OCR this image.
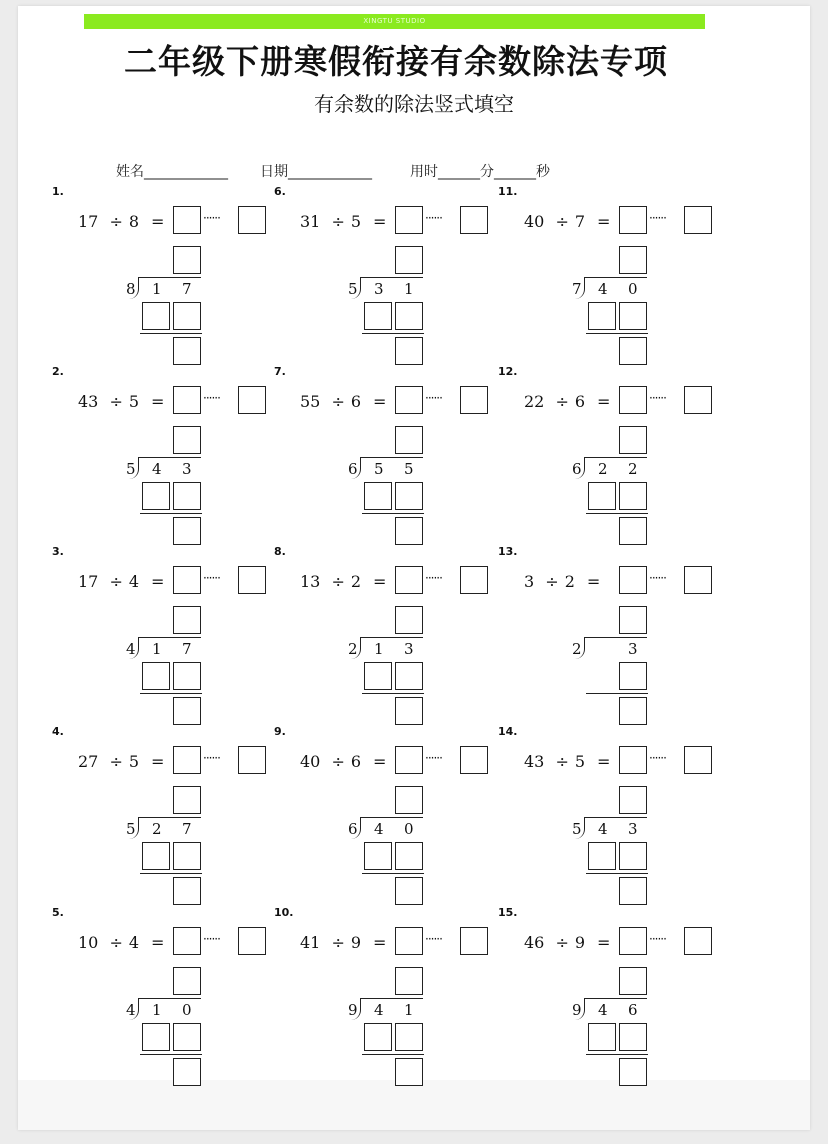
XINGTU STUDIO
二年级下册寒假衔接有余数除法专项
有余数的除法竖式填空
姓名____________ 日期____________	用时______分______秒
1.
17 ÷ 8 =	······
8 1 7
2.
43 ÷ 5 =	······
5 4 3
3.
17 ÷ 4 =	······
4 1 7
4.
27 ÷ 5 =	······
5 2 7
5.
10 ÷ 4 =	······
4 1 0
6.
31 ÷ 5 =	······
5 3 1
7.
55 ÷ 6 =	······
6 5 5
8.
13 ÷ 2 =	······
2 1 3
9.
40 ÷ 6 =	······
6 4 0
10.
41 ÷ 9 =	······
9 4 1
11.
40 ÷ 7 =	······
7 4 0
12.
22 ÷ 6 =	······
6 2 2
13.
3 ÷ 2 =	······
2	3
14.
43 ÷ 5 =	······
5 4 3
15.
46 ÷ 9 =	······
9 4 6
